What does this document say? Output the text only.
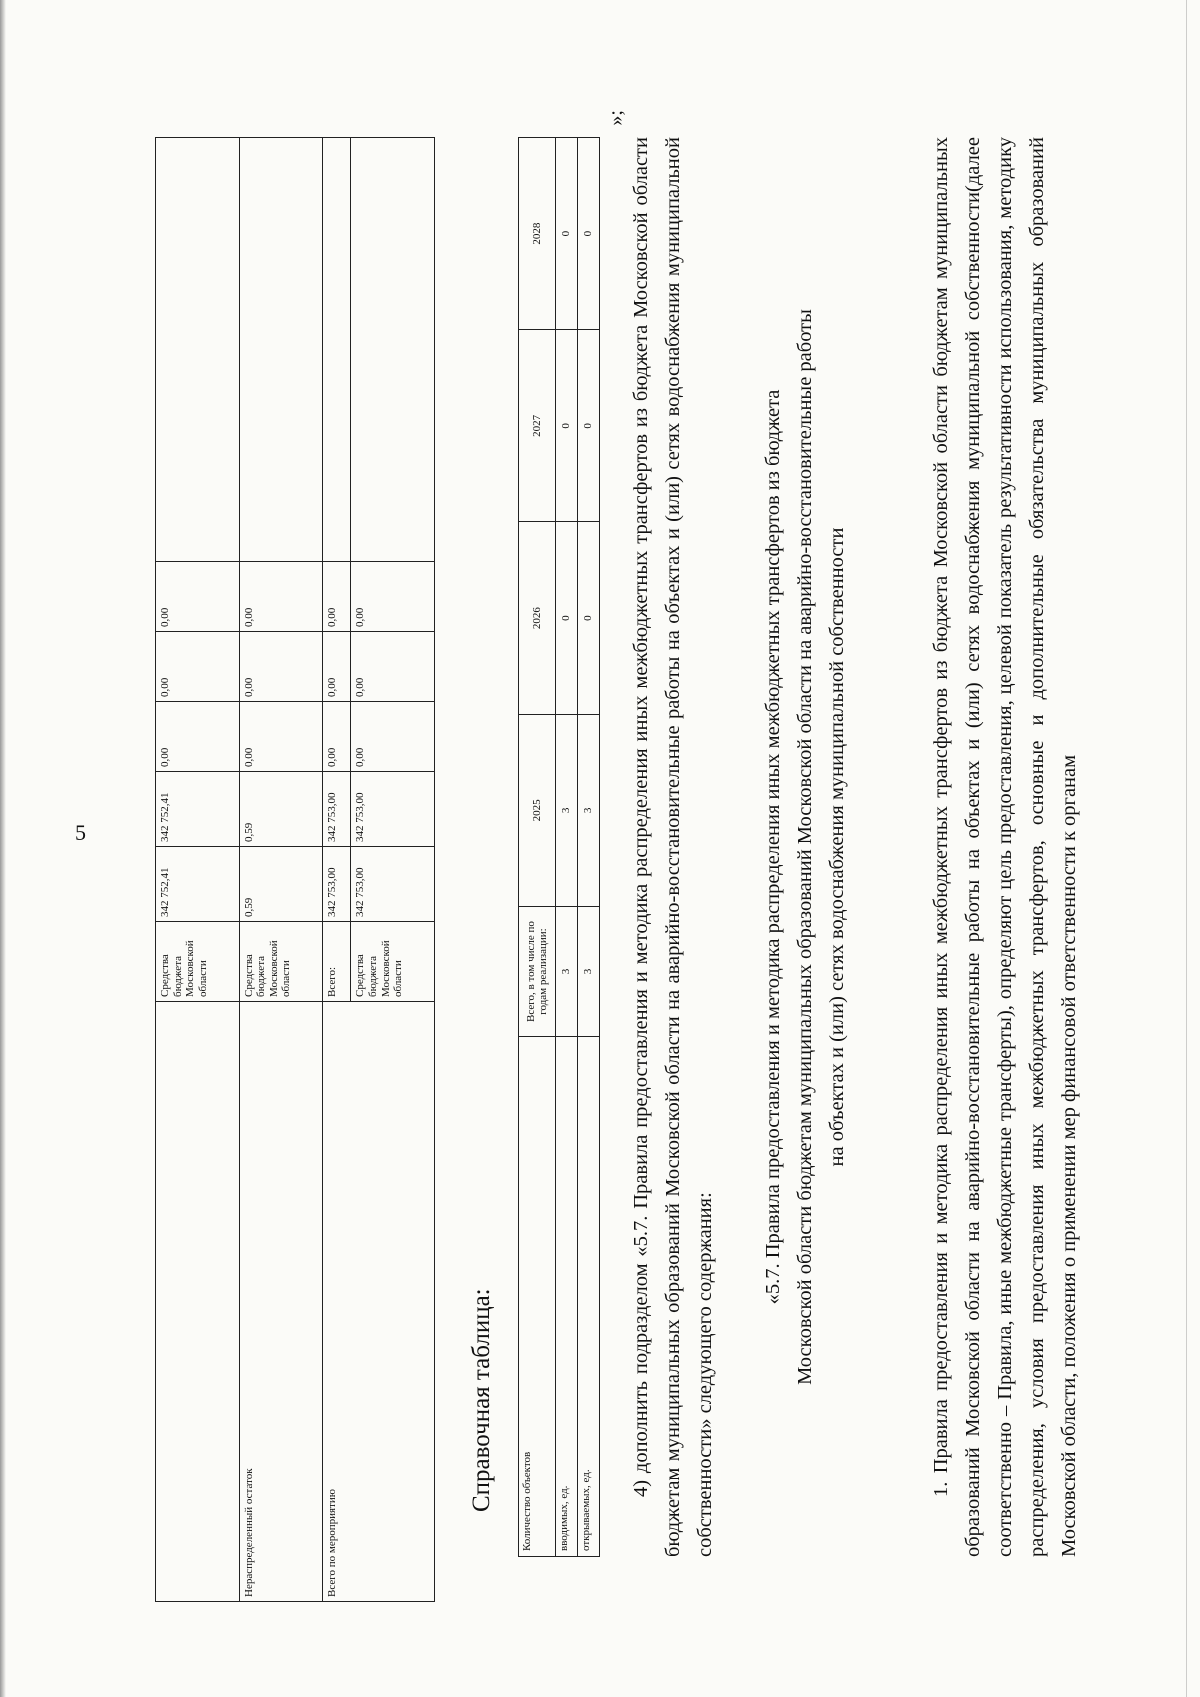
5
	Средства бюджета Московской области	342 752,41	342 752,41	0,00	0,00	0,00	
Нераспределенный остаток	Средства бюджета Московской области	0,59	0,59	0,00	0,00	0,00	
Всего по мероприятию	Всего:	342 753,00	342 753,00	0,00	0,00	0,00	
	Средства бюджета Московской области	342 753,00	342 753,00	0,00	0,00	0,00	
Справочная таблица: Количество объектов	Всего, в том числе по годам реализации:	2025	2026	2027	2028
вводимых, ед.	3	3	0	0	0
открываемых, ед.	3	3	0	0	0
»;

4) дополнить подразделом «5.7. Правила предоставления и методика распределения иных межбюджетных трансфертов из бюджета Московской области бюджетам муниципальных образований Московской области на аварийно-восстановительные работы на объектах и (или) сетях водоснабжения муниципальной собственности» следующего содержания:

«5.7. Правила предоставления и методика распределения иных межбюджетных трансфертов из бюджета Московской области бюджетам муниципальных образований Московской области на аварийно-восстановительные работы на объектах и (или) сетях водоснабжения муниципальной собственности	1. Правила предоставления и методика распределения иных межбюджетных трансфертов из бюджета Московской области бюджетам муниципальных образований Московской области на аварийно-восстановительные работы на объектах и (или) сетях водоснабжения муниципальной собственности(далее соответственно – Правила, иные межбюджетные трансферты), определяют цель предоставления, целевой показатель результативности использования, методику распределения, условия предоставления иных межбюджетных трансфертов, основные и дополнительные обязательства муниципальных образований Московской области, положения о применении мер финансовой ответственности к органам
